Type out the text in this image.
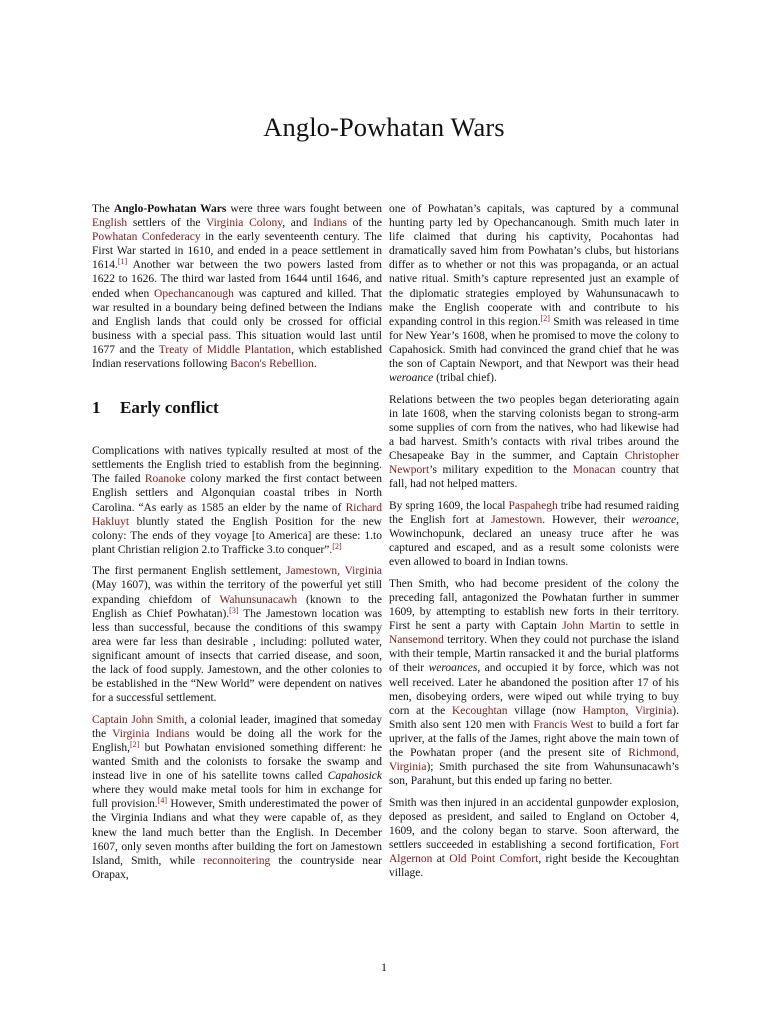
Anglo-Powhatan Wars

The Anglo-Powhatan Wars were three wars fought between English settlers of the Virginia Colony, and Indians of the Powhatan Confederacy in the early seventeenth century. The First War started in 1610, and ended in a peace settlement in 1614.[1] Another war between the two powers lasted from 1622 to 1626. The third war lasted from 1644 until 1646, and ended when Opechancanough was captured and killed. That war resulted in a boundary being defined between the Indians and English lands that could only be crossed for official business with a special pass. This situation would last until 1677 and the Treaty of Middle Plantation, which established Indian reservations following Bacon's Rebellion.

1 Early conflict

Complications with natives typically resulted at most of the settlements the English tried to establish from the beginning. The failed Roanoke colony marked the first contact between English settlers and Algonquian coastal tribes in North Carolina. “As early as 1585 an elder by the name of Richard Hakluyt bluntly stated the English Position for the new colony: The ends of they voyage [to America] are these: 1.to plant Christian religion 2.to Trafficke 3.to conquer”.[2]

The first permanent English settlement, Jamestown, Virginia (May 1607), was within the territory of the powerful yet still expanding chiefdom of Wahunsunacawh (known to the English as Chief Powhatan).[3] The Jamestown location was less than successful, because the conditions of this swampy area were far less than desirable , including: polluted water, significant amount of insects that carried disease, and soon, the lack of food supply. Jamestown, and the other colonies to be established in the “New World” were dependent on natives for a successful settlement.

Captain John Smith, a colonial leader, imagined that someday the Virginia Indians would be doing all the work for the English,[2] but Powhatan envisioned something different: he wanted Smith and the colonists to forsake the swamp and instead live in one of his satellite towns called Capahosick where they would make metal tools for him in exchange for full provision.[4] However, Smith underestimated the power of the Virginia Indians and what they were capable of, as they knew the land much better than the English. In December 1607, only seven months after building the fort on Jamestown Island, Smith, while reconnoitering the countryside near Orapax,

one of Powhatan’s capitals, was captured by a communal hunting party led by Opechancanough. Smith much later in life claimed that during his captivity, Pocahontas had dramatically saved him from Powhatan’s clubs, but historians differ as to whether or not this was propaganda, or an actual native ritual. Smith’s capture represented just an example of the diplomatic strategies employed by Wahunsunacawh to make the English cooperate with and contribute to his expanding control in this region.[2] Smith was released in time for New Year’s 1608, when he promised to move the colony to Capahosick. Smith had convinced the grand chief that he was the son of Captain Newport, and that Newport was their head weroance (tribal chief).

Relations between the two peoples began deteriorating again in late 1608, when the starving colonists began to strong-arm some supplies of corn from the natives, who had likewise had a bad harvest. Smith’s contacts with rival tribes around the Chesapeake Bay in the summer, and Captain Christopher Newport’s military expedition to the Monacan country that fall, had not helped matters.

By spring 1609, the local Paspahegh tribe had resumed raiding the English fort at Jamestown. However, their weroance, Wowinchopunk, declared an uneasy truce after he was captured and escaped, and as a result some colonists were even allowed to board in Indian towns.

Then Smith, who had become president of the colony the preceding fall, antagonized the Powhatan further in summer 1609, by attempting to establish new forts in their territory. First he sent a party with Captain John Martin to settle in Nansemond territory. When they could not purchase the island with their temple, Martin ransacked it and the burial platforms of their weroances, and occupied it by force, which was not well received. Later he abandoned the position after 17 of his men, disobeying orders, were wiped out while trying to buy corn at the Kecoughtan village (now Hampton, Virginia). Smith also sent 120 men with Francis West to build a fort far upriver, at the falls of the James, right above the main town of the Powhatan proper (and the present site of Richmond, Virginia); Smith purchased the site from Wahunsunacawh’s son, Parahunt, but this ended up faring no better.

Smith was then injured in an accidental gunpowder explosion, deposed as president, and sailed to England on October 4, 1609, and the colony began to starve. Soon afterward, the settlers succeeded in establishing a second fortification, Fort Algernon at Old Point Comfort, right beside the Kecoughtan village.

1
